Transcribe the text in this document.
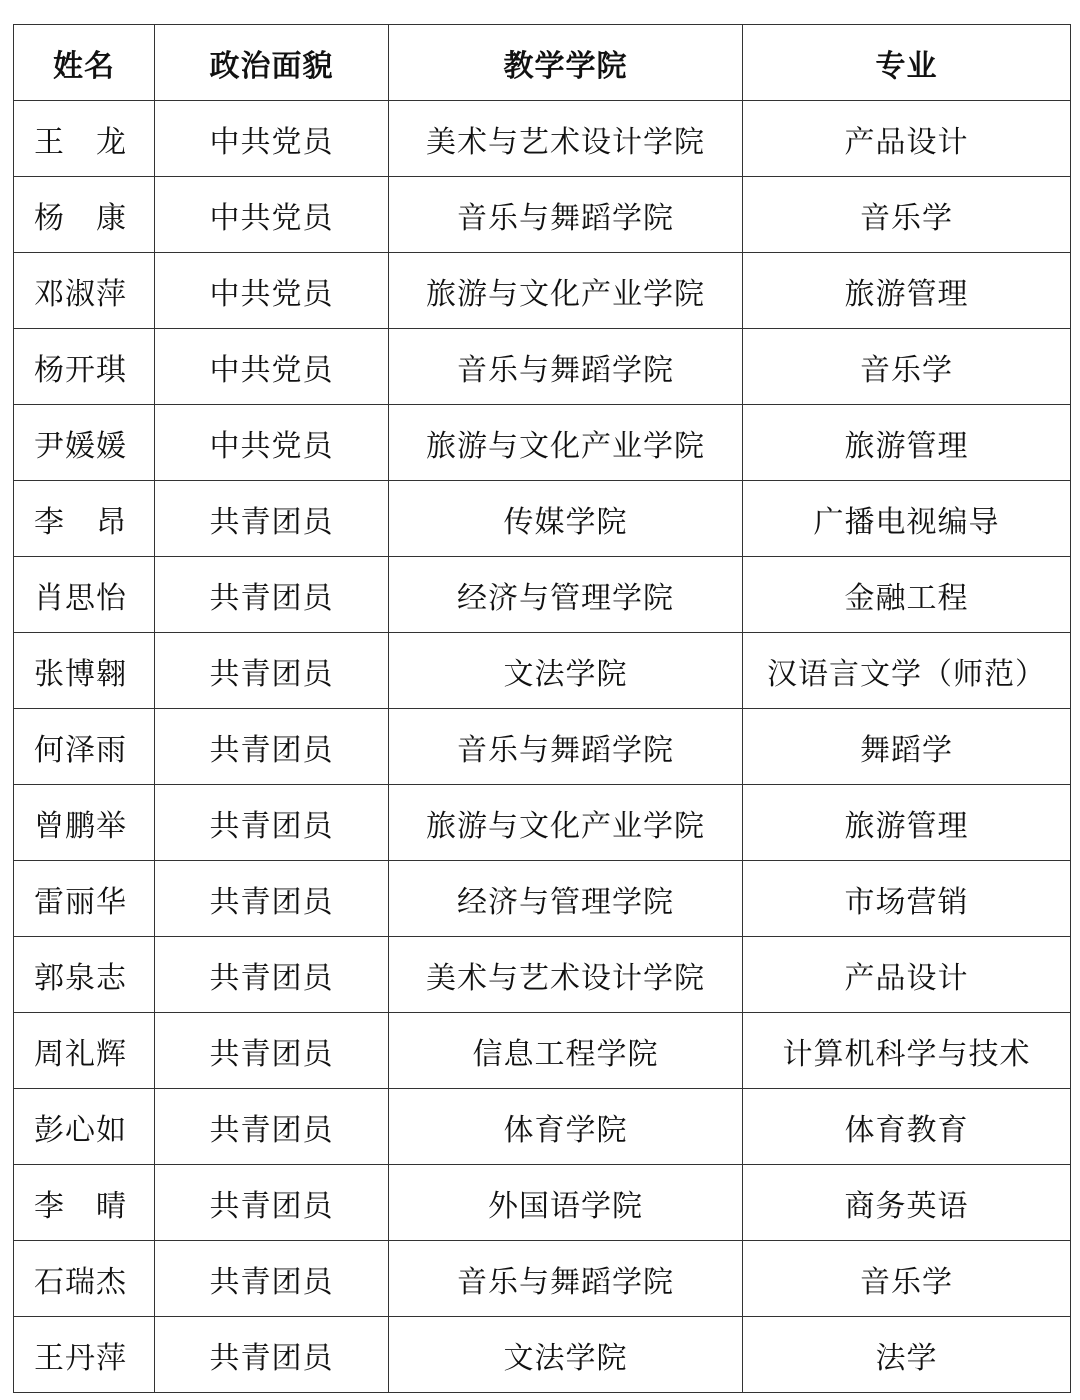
姓名	政治面貌	教学学院	专业
王　龙	中共党员	美术与艺术设计学院	产品设计
杨　康	中共党员	音乐与舞蹈学院	音乐学
邓淑萍	中共党员	旅游与文化产业学院	旅游管理
杨开琪	中共党员	音乐与舞蹈学院	音乐学
尹媛媛	中共党员	旅游与文化产业学院	旅游管理
李　昂	共青团员	传媒学院	广播电视编导
肖思怡	共青团员	经济与管理学院	金融工程
张博翱	共青团员	文法学院	汉语言文学（师范）
何泽雨	共青团员	音乐与舞蹈学院	舞蹈学
曾鹏举	共青团员	旅游与文化产业学院	旅游管理
雷丽华	共青团员	经济与管理学院	市场营销
郭泉志	共青团员	美术与艺术设计学院	产品设计
周礼辉	共青团员	信息工程学院	计算机科学与技术
彭心如	共青团员	体育学院	体育教育
李　晴	共青团员	外国语学院	商务英语
石瑞杰	共青团员	音乐与舞蹈学院	音乐学
王丹萍	共青团员	文法学院	法学
